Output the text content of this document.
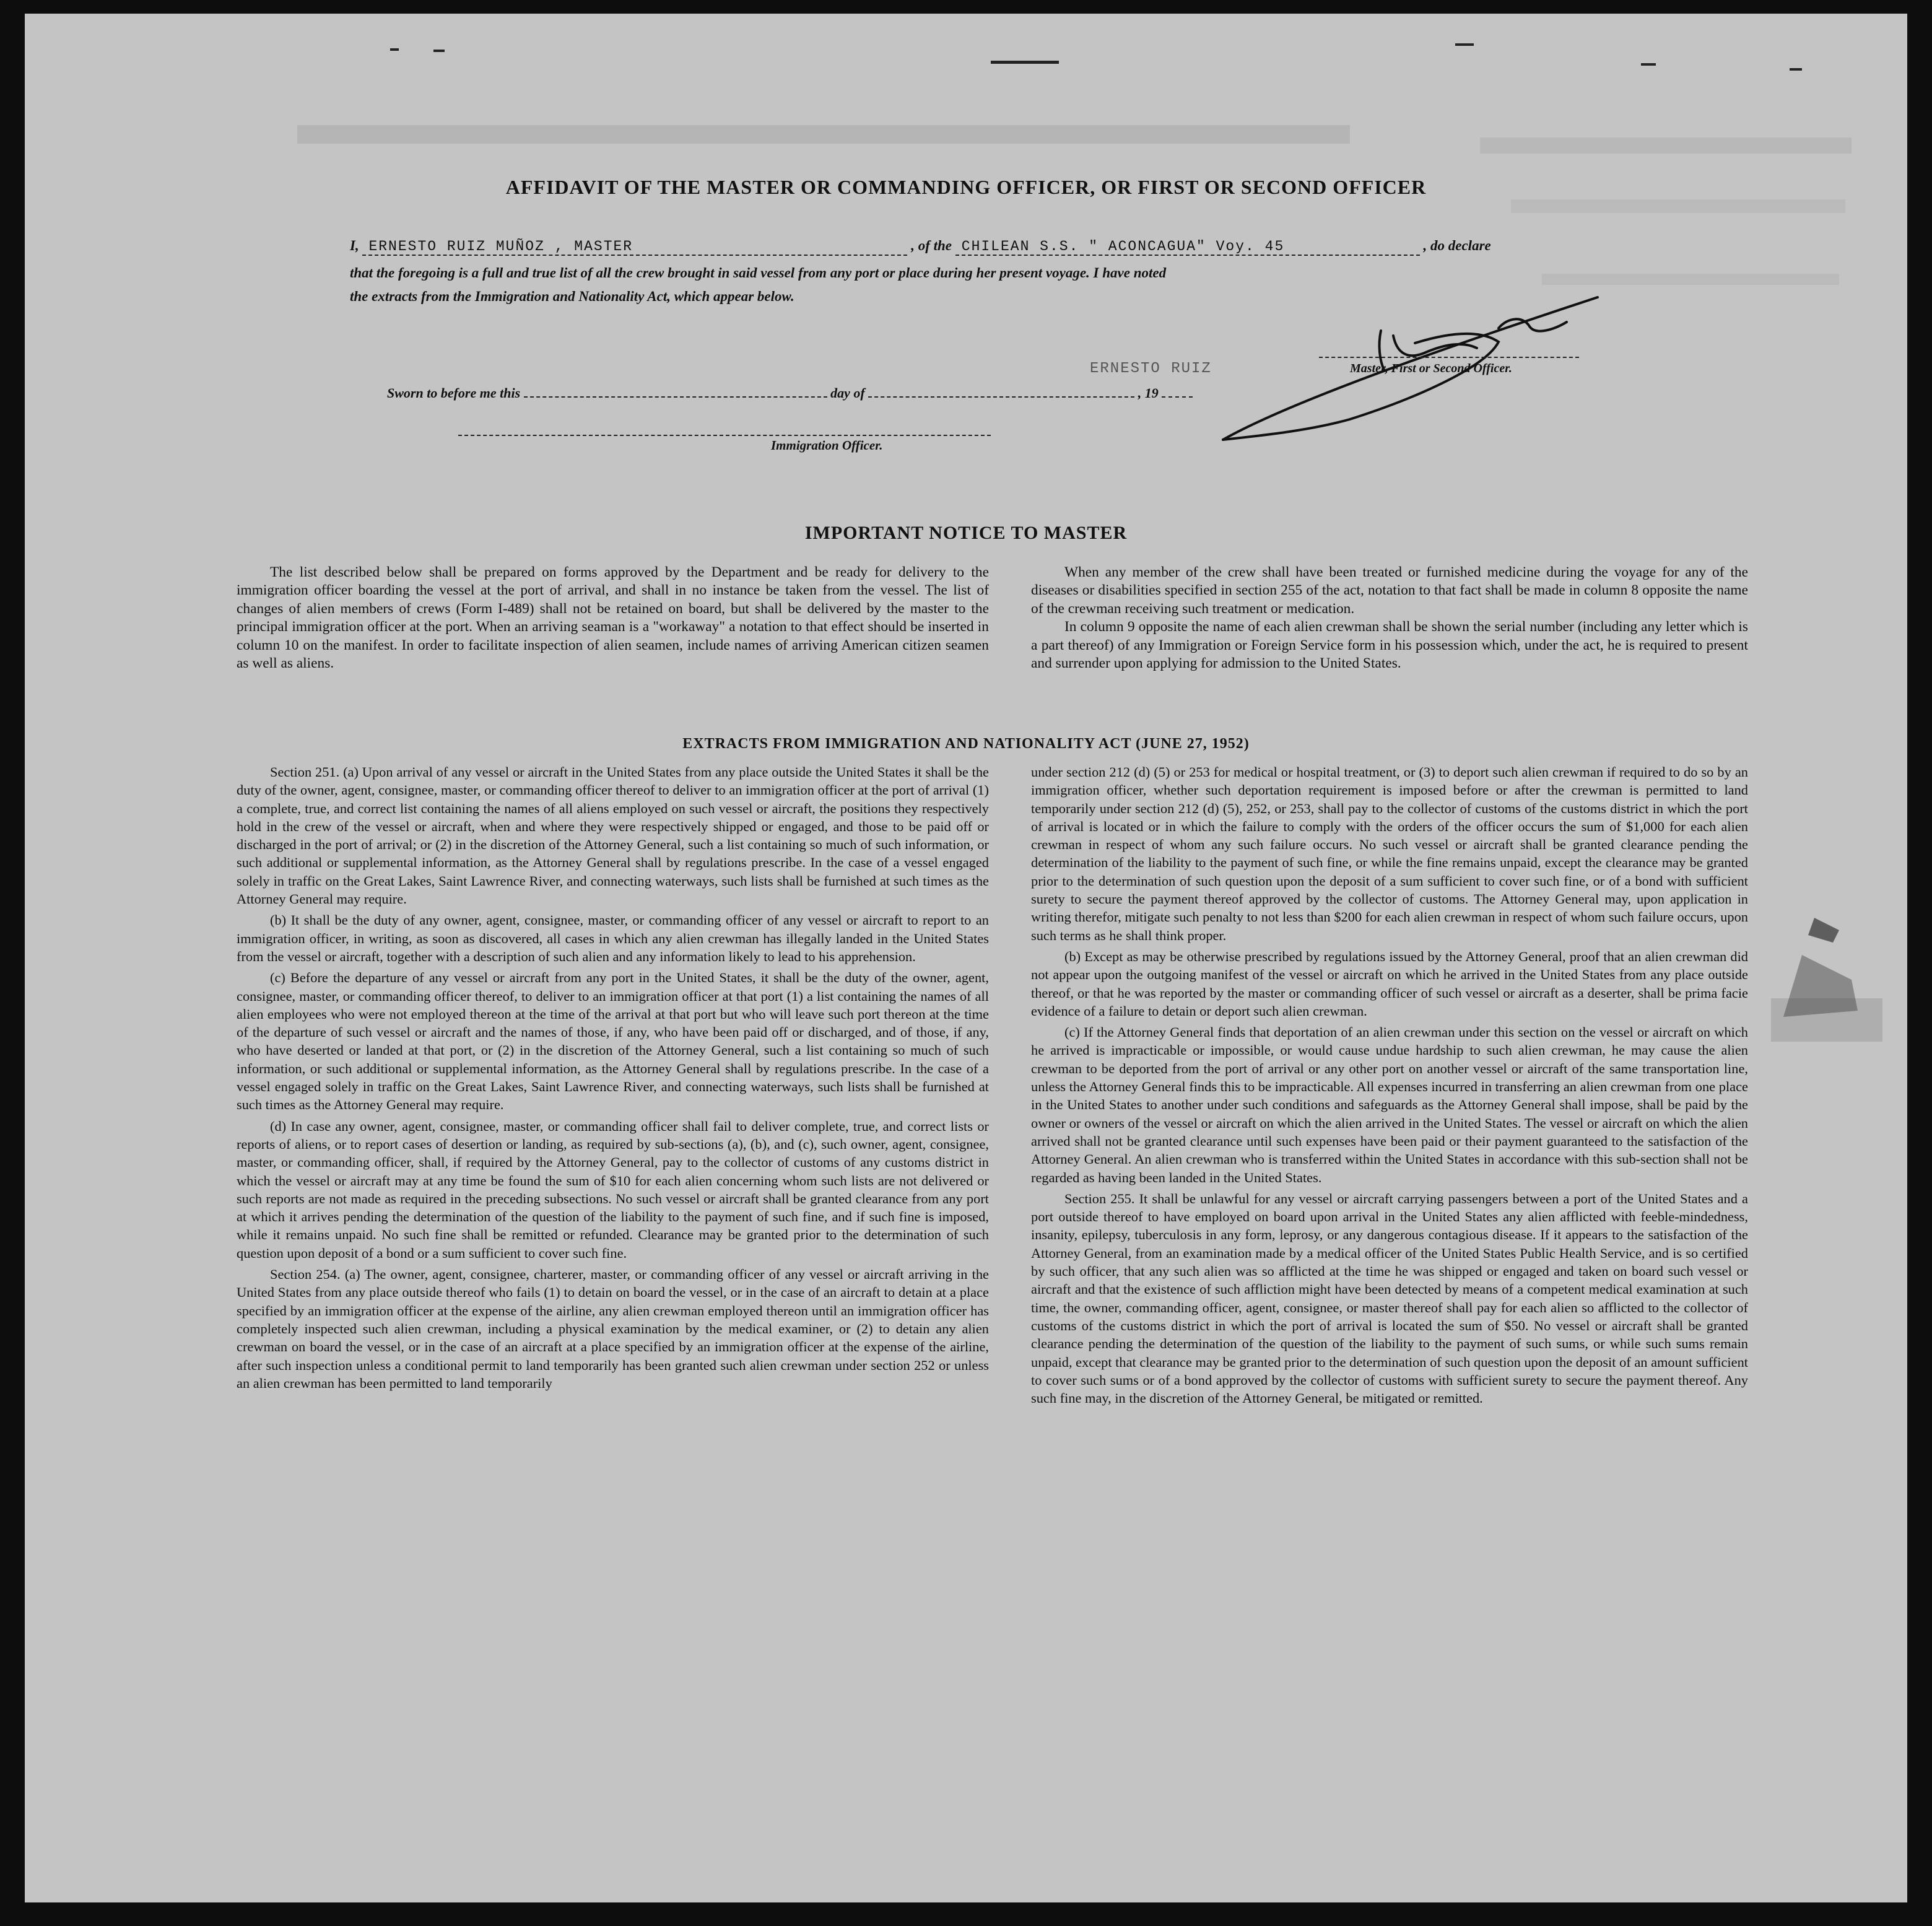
AFFIDAVIT OF THE MASTER OR COMMANDING OFFICER, OR FIRST OR SECOND OFFICER
I, ERNESTO RUIZ MUÑOZ , MASTER	, of the CHILEAN S.S. " ACONCAGUA" Voy. 45	, do declare
that the foregoing is a full and true list of all the crew brought in said vessel from any port or place during her present voyage. I have noted
the extracts from the Immigration and Nationality Act, which appear below.
ERNESTO RUIZ	Master, First or Second Officer.
Sworn to before me this	day of	, 19
Immigration Officer.
IMPORTANT NOTICE TO MASTER

The list described below shall be prepared on forms approved by the Department and be ready for delivery to the immigration officer boarding the vessel at the port of arrival, and shall in no instance be taken from the vessel. The list of changes of alien members of crews (Form I-489) shall not be retained on board, but shall be delivered by the master to the principal immigration officer at the port. When an arriving seaman is a "workaway" a notation to that effect should be inserted in column 10 on the manifest. In order to facilitate inspection of alien seamen, include names of arriving American citizen seamen as well as aliens.

When any member of the crew shall have been treated or furnished medicine during the voyage for any of the diseases or disabilities specified in section 255 of the act, notation to that fact shall be made in column 8 opposite the name of the crewman receiving such treatment or medication.

In column 9 opposite the name of each alien crewman shall be shown the serial number (including any letter which is a part thereof) of any Immigration or Foreign Service form in his possession which, under the act, he is required to present and surrender upon applying for admission to the United States.

EXTRACTS FROM IMMIGRATION AND NATIONALITY ACT (JUNE 27, 1952)

Section 251. (a) Upon arrival of any vessel or aircraft in the United States from any place outside the United States it shall be the duty of the owner, agent, consignee, master, or commanding officer thereof to deliver to an immigration officer at the port of arrival (1) a complete, true, and correct list containing the names of all aliens employed on such vessel or aircraft, the positions they respectively hold in the crew of the vessel or aircraft, when and where they were respectively shipped or engaged, and those to be paid off or discharged in the port of arrival; or (2) in the discretion of the Attorney General, such a list containing so much of such information, or such additional or supplemental information, as the Attorney General shall by regulations prescribe. In the case of a vessel engaged solely in traffic on the Great Lakes, Saint Lawrence River, and connecting waterways, such lists shall be furnished at such times as the Attorney General may require.

(b) It shall be the duty of any owner, agent, consignee, master, or commanding officer of any vessel or aircraft to report to an immigration officer, in writing, as soon as discovered, all cases in which any alien crewman has illegally landed in the United States from the vessel or aircraft, together with a description of such alien and any information likely to lead to his apprehension.

(c) Before the departure of any vessel or aircraft from any port in the United States, it shall be the duty of the owner, agent, consignee, master, or commanding officer thereof, to deliver to an immigration officer at that port (1) a list containing the names of all alien employees who were not employed thereon at the time of the arrival at that port but who will leave such port thereon at the time of the departure of such vessel or aircraft and the names of those, if any, who have been paid off or discharged, and of those, if any, who have deserted or landed at that port, or (2) in the discretion of the Attorney General, such a list containing so much of such information, or such additional or supplemental information, as the Attorney General shall by regulations prescribe. In the case of a vessel engaged solely in traffic on the Great Lakes, Saint Lawrence River, and connecting waterways, such lists shall be furnished at such times as the Attorney General may require.

(d) In case any owner, agent, consignee, master, or commanding officer shall fail to deliver complete, true, and correct lists or reports of aliens, or to report cases of desertion or landing, as required by sub-sections (a), (b), and (c), such owner, agent, consignee, master, or commanding officer, shall, if required by the Attorney General, pay to the collector of customs of any customs district in which the vessel or aircraft may at any time be found the sum of $10 for each alien concerning whom such lists are not delivered or such reports are not made as required in the preceding subsections. No such vessel or aircraft shall be granted clearance from any port at which it arrives pending the determination of the question of the liability to the payment of such fine, and if such fine is imposed, while it remains unpaid. No such fine shall be remitted or refunded. Clearance may be granted prior to the determination of such question upon deposit of a bond or a sum sufficient to cover such fine.

Section 254. (a) The owner, agent, consignee, charterer, master, or commanding officer of any vessel or aircraft arriving in the United States from any place outside thereof who fails (1) to detain on board the vessel, or in the case of an aircraft to detain at a place specified by an immigration officer at the expense of the airline, any alien crewman employed thereon until an immigration officer has completely inspected such alien crewman, including a physical examination by the medical examiner, or (2) to detain any alien crewman on board the vessel, or in the case of an aircraft at a place specified by an immigration officer at the expense of the airline, after such inspection unless a conditional permit to land temporarily has been granted such alien crewman under section 252 or unless an alien crewman has been permitted to land temporarily

under section 212 (d) (5) or 253 for medical or hospital treatment, or (3) to deport such alien crewman if required to do so by an immigration officer, whether such deportation requirement is imposed before or after the crewman is permitted to land temporarily under section 212 (d) (5), 252, or 253, shall pay to the collector of customs of the customs district in which the port of arrival is located or in which the failure to comply with the orders of the officer occurs the sum of $1,000 for each alien crewman in respect of whom any such failure occurs. No such vessel or aircraft shall be granted clearance pending the determination of the liability to the payment of such fine, or while the fine remains unpaid, except the clearance may be granted prior to the determination of such question upon the deposit of a sum sufficient to cover such fine, or of a bond with sufficient surety to secure the payment thereof approved by the collector of customs. The Attorney General may, upon application in writing therefor, mitigate such penalty to not less than $200 for each alien crewman in respect of whom such failure occurs, upon such terms as he shall think proper.

(b) Except as may be otherwise prescribed by regulations issued by the Attorney General, proof that an alien crewman did not appear upon the outgoing manifest of the vessel or aircraft on which he arrived in the United States from any place outside thereof, or that he was reported by the master or commanding officer of such vessel or aircraft as a deserter, shall be prima facie evidence of a failure to detain or deport such alien crewman.

(c) If the Attorney General finds that deportation of an alien crewman under this section on the vessel or aircraft on which he arrived is impracticable or impossible, or would cause undue hardship to such alien crewman, he may cause the alien crewman to be deported from the port of arrival or any other port on another vessel or aircraft of the same transportation line, unless the Attorney General finds this to be impracticable. All expenses incurred in transferring an alien crewman from one place in the United States to another under such conditions and safeguards as the Attorney General shall impose, shall be paid by the owner or owners of the vessel or aircraft on which the alien arrived in the United States. The vessel or aircraft on which the alien arrived shall not be granted clearance until such expenses have been paid or their payment guaranteed to the satisfaction of the Attorney General. An alien crewman who is transferred within the United States in accordance with this sub-section shall not be regarded as having been landed in the United States.

Section 255. It shall be unlawful for any vessel or aircraft carrying passengers between a port of the United States and a port outside thereof to have employed on board upon arrival in the United States any alien afflicted with feeble-mindedness, insanity, epilepsy, tuberculosis in any form, leprosy, or any dangerous contagious disease. If it appears to the satisfaction of the Attorney General, from an examination made by a medical officer of the United States Public Health Service, and is so certified by such officer, that any such alien was so afflicted at the time he was shipped or engaged and taken on board such vessel or aircraft and that the existence of such affliction might have been detected by means of a competent medical examination at such time, the owner, commanding officer, agent, consignee, or master thereof shall pay for each alien so afflicted to the collector of customs of the customs district in which the port of arrival is located the sum of $50. No vessel or aircraft shall be granted clearance pending the determination of the question of the liability to the payment of such sums, or while such sums remain unpaid, except that clearance may be granted prior to the determination of such question upon the deposit of an amount sufficient to cover such sums or of a bond approved by the collector of customs with sufficient surety to secure the payment thereof. Any such fine may, in the discretion of the Attorney General, be mitigated or remitted.
